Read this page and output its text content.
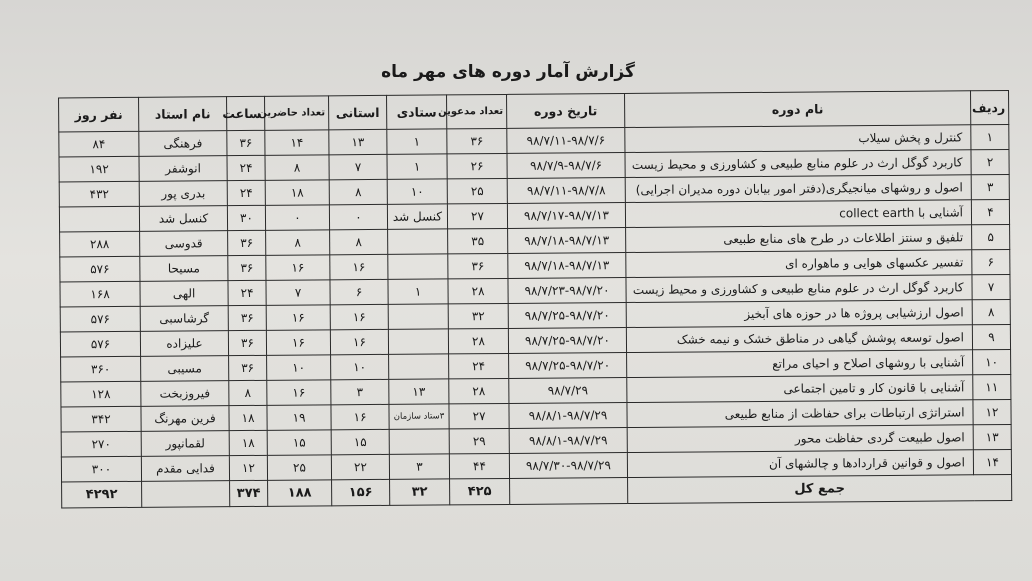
گزارش آمار دوره های مهر ماه
ردیف	نام دوره	تاریخ دوره	تعداد مدعوین	ستادی	استانی	تعداد حاضرین	ساعت	نام استاد	نفر روز
۱	کنترل و پخش سیلاب	۹۸/۷/۱۱-۹۸/۷/۶	۳۶	۱	۱۳	۱۴	۳۶	فرهنگی	۸۴
۲	کاربرد گوگل ارث در علوم منابع طبیعی و کشاورزی و محیط زیست	۹۸/۷/۹-۹۸/۷/۶	۲۶	۱	۷	۸	۲۴	انوشفر	۱۹۲
۳	اصول و روشهای میانجیگری(دفتر امور بیابان دوره مدیران اجرایی)	۹۸/۷/۱۱-۹۸/۷/۸	۲۵	۱۰	۸	۱۸	۲۴	بدری پور	۴۳۲
۴	آشنایی با collect earth	۹۸/۷/۱۷-۹۸/۷/۱۳	۲۷	کنسل شد	۰	۰	۳۰	کنسل شد	
۵	تلفیق و سنتز اطلاعات در طرح های منابع طبیعی	۹۸/۷/۱۸-۹۸/۷/۱۳	۳۵		۸	۸	۳۶	قدوسی	۲۸۸
۶	تفسیر عکسهای هوایی و ماهواره ای	۹۸/۷/۱۸-۹۸/۷/۱۳	۳۶		۱۶	۱۶	۳۶	مسیحا	۵۷۶
۷	کاربرد گوگل ارث در علوم منابع طبیعی و کشاورزی و محیط زیست	۹۸/۷/۲۳-۹۸/۷/۲۰	۲۸	۱	۶	۷	۲۴	الهی	۱۶۸
۸	اصول ارزشیابی پروژه ها در حوزه های آبخیز	۹۸/۷/۲۵-۹۸/۷/۲۰	۳۲		۱۶	۱۶	۳۶	گرشاسبی	۵۷۶
۹	اصول توسعه پوشش گیاهی در مناطق خشک و نیمه خشک	۹۸/۷/۲۵-۹۸/۷/۲۰	۲۸		۱۶	۱۶	۳۶	علیزاده	۵۷۶
۱۰	آشنایی با روشهای اصلاح و احیای مراتع	۹۸/۷/۲۵-۹۸/۷/۲۰	۲۴		۱۰	۱۰	۳۶	مسیبی	۳۶۰
۱۱	آشنایی با قانون کار و تامین اجتماعی	۹۸/۷/۲۹	۲۸	۱۳	۳	۱۶	۸	فیروزبخت	۱۲۸
۱۲	استراتژی ارتباطات برای حفاظت از منابع طبیعی	۹۸/۸/۱-۹۸/۷/۲۹	۲۷	۳ستاد سازمان	۱۶	۱۹	۱۸	فرین مهرنگ	۳۴۲
۱۳	اصول طبیعت گردی حفاظت محور	۹۸/۸/۱-۹۸/۷/۲۹	۲۹		۱۵	۱۵	۱۸	لقمانپور	۲۷۰
۱۴	اصول و قوانین قراردادها و چالشهای آن	۹۸/۷/۳۰-۹۸/۷/۲۹	۴۴	۳	۲۲	۲۵	۱۲	فدایی مقدم	۳۰۰
جمع کل			۴۲۵	۳۲	۱۵۶	۱۸۸	۳۷۴		۴۲۹۲
